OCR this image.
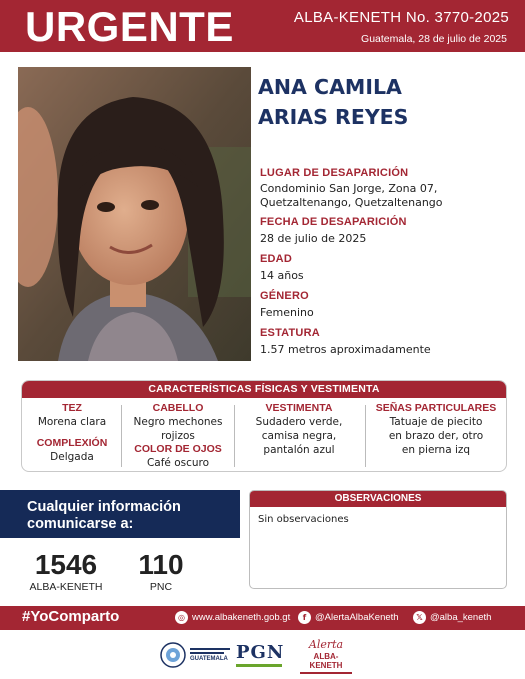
URGENTE	ALBA-KENETH No. 3770-2025
Guatemala, 28 de julio de 2025
ANA CAMILA
ARIAS REYES
LUGAR DE DESAPARICIÓN
Condominio San Jorge, Zona 07,
Quetzaltenango, Quetzaltenango
FECHA DE DESAPARICIÓN
28 de julio de 2025
EDAD
14 años
GÉNERO
Femenino
ESTATURA
1.57 metros aproximadamente
CARACTERÍSTICAS FÍSICAS Y VESTIMENTA
TEZ
Morena clara
COMPLEXIÓN
Delgada
CABELLO
Negro mechones
rojizos
COLOR DE OJOS
Café oscuro
VESTIMENTA
Sudadero verde,
camisa negra,
pantalón azul
SEÑAS PARTICULARES
Tatuaje de piecito
en brazo der, otro
en pierna izq
Cualquier información
comunicarse a:
1546
ALBA-KENETH
110
PNC
OBSERVACIONES
Sin observaciones
#YoComparto	◎ www.albakeneth.gob.gt	f @AlertaAlbaKeneth	𝕏 @alba_keneth
GUATEMALA PGN	Alerta
ALBA-KENETH
